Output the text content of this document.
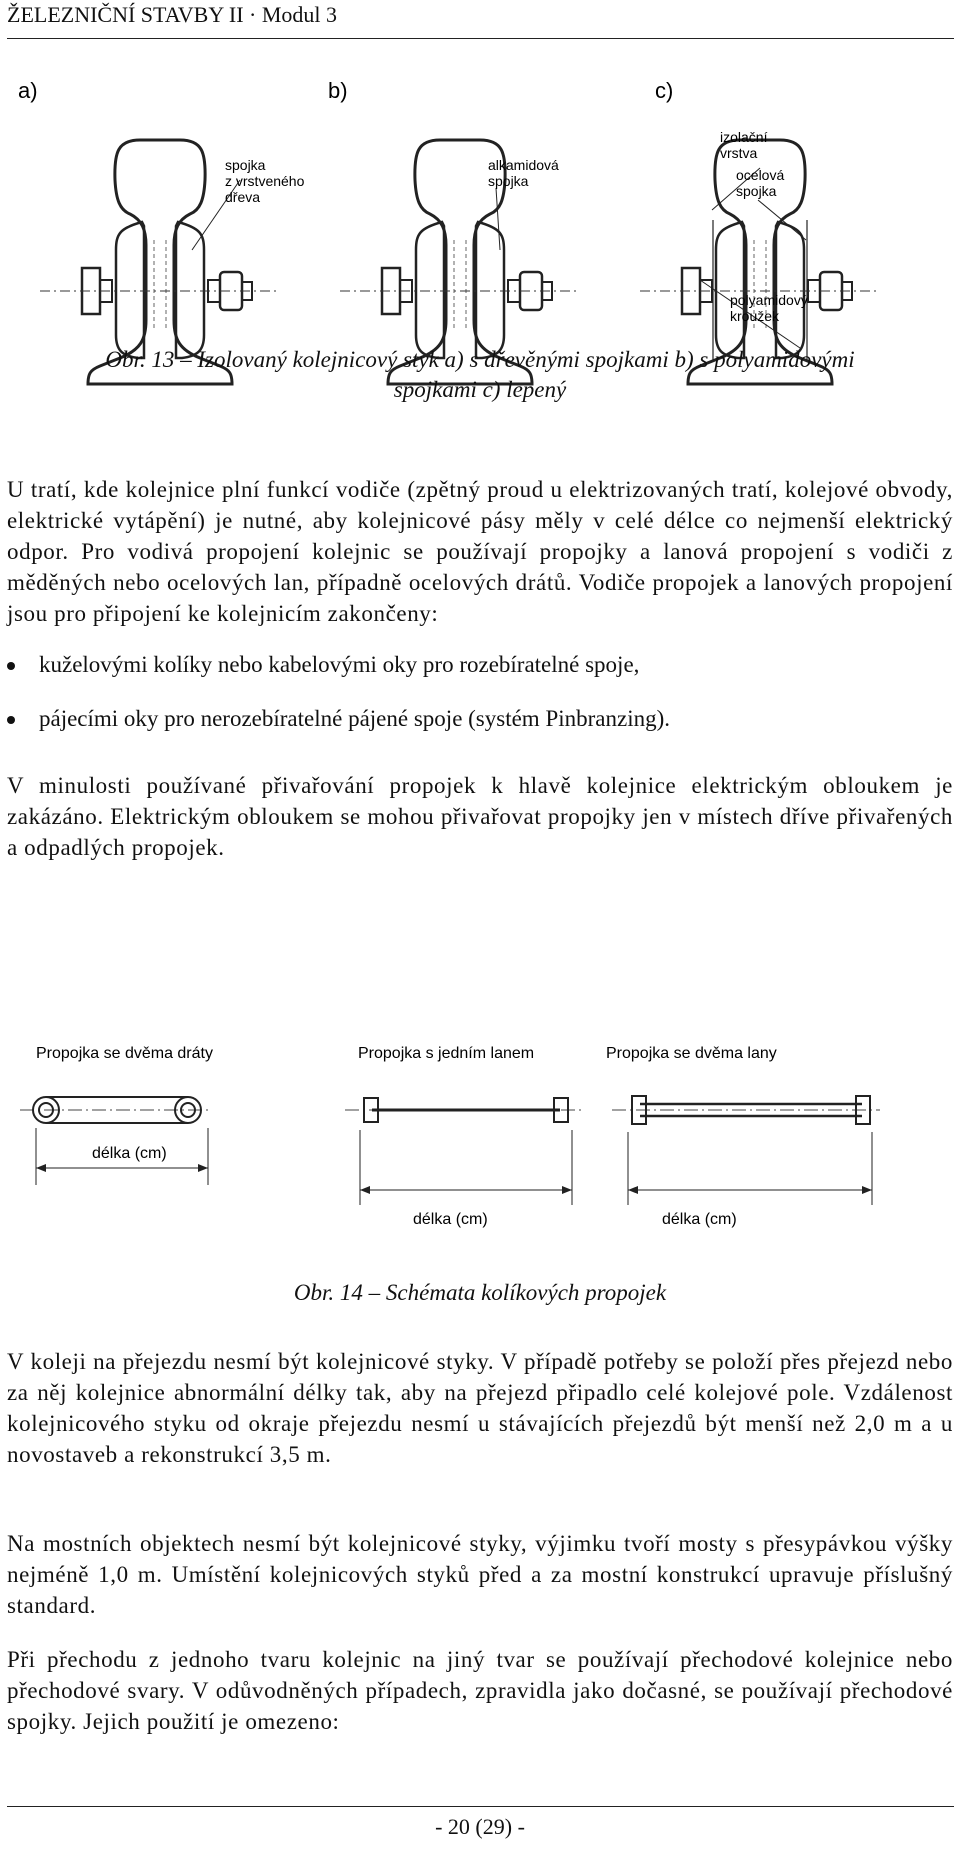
ŽELEZNIČNÍ STAVBY II · Modul 3
a)	b)	c)
spojka
z vrstveného
dřeva
alkamidová
spojka
izolační
vrstva
ocelová
spojka
polyamidový
kroužek
Obr. 13 – Izolovaný kolejnicový styk a) s dřevěnými spojkami b) s polyamidovými
spojkami c) lepený

U tratí, kde kolejnice plní funkcí vodiče (zpětný proud u elektrizovaných tratí, kolejové obvody, elektrické vytápění) je nutné, aby kolejnicové pásy měly v celé délce co nejmenší elektrický odpor. Pro vodivá propojení kolejnic se používají propojky a lanová propojení s vodiči z měděných nebo ocelových lan, případně ocelových drátů. Vodiče propojek a lanových propojení jsou pro připojení ke kolejnicím zakončeny:

kuželovými kolíky nebo kabelovými oky pro rozebíratelné spoje,
pájecími oky pro nerozebíratelné pájené spoje (systém Pinbranzing).

V minulosti používané přivařování propojek k hlavě kolejnice elektrickým obloukem je zakázáno. Elektrickým obloukem se mohou přivařovat propojky jen v místech dříve přivařených a odpadlých propojek.

Propojka se dvěma dráty	Propojka s jedním lanem	Propojka se dvěma lany
délka (cm)
délka (cm)	délka (cm)
Obr. 14 – Schémata kolíkových propojek

V koleji na přejezdu nesmí být kolejnicové styky. V případě potřeby se položí přes přejezd nebo za něj kolejnice abnormální délky tak, aby na přejezd připadlo celé kolejové pole. Vzdálenost kolejnicového styku od okraje přejezdu nesmí u stávajících přejezdů být menší než 2,0 m a u novostaveb a rekonstrukcí 3,5 m.

Na mostních objektech nesmí být kolejnicové styky, výjimku tvoří mosty s přesypávkou výšky nejméně 1,0 m. Umístění kolejnicových styků před a za mostní konstrukcí upravuje příslušný standard.

Při přechodu z jednoho tvaru kolejnic na jiný tvar se používají přechodové kolejnice nebo přechodové svary. V odůvodněných případech, zpravidla jako dočasné, se používají přechodové spojky. Jejich použití je omezeno:

- 20 (29) -
